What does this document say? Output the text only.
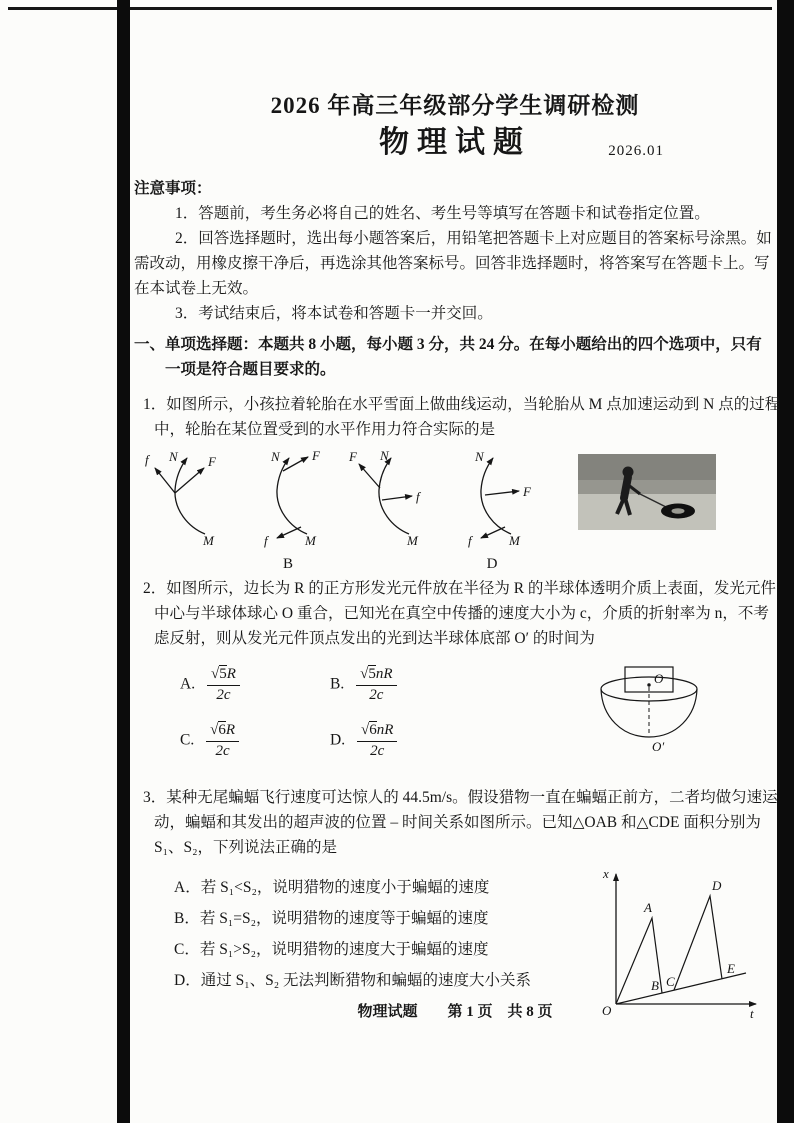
2026 年高三年级部分学生调研检测
物理试题	2026.01
注意事项：
1．答题前，考生务必将自己的姓名、考生号等填写在答题卡和试卷指定位置。
2．回答选择题时，选出每小题答案后，用铅笔把答题卡上对应题目的答案标号涂黑。如
需改动，用橡皮擦干净后，再选涂其他答案标号。回答非选择题时，将答案写在答题卡上。写
在本试卷上无效。
3．考试结束后，将本试卷和答题卡一并交回。
一、单项选择题：本题共 8 小题，每小题 3 分，共 24 分。在每小题给出的四个选项中，只有
一项是符合题目要求的。
1．如图所示，小孩拉着轮胎在水平雪面上做曲线运动，当轮胎从 M 点加速运动到 N 点的过程
中，轮胎在某位置受到的水平作用力符合实际的是
f N F
M
N F
f	M
B
F N
f
M
N
F
f	M
D
2．如图所示，边长为 R 的正方形发光元件放在半径为 R 的半球体透明介质上表面，发光元件
中心与半球体球心 O 重合，已知光在真空中传播的速度大小为 c，介质的折射率为 n，不考
虑反射，则从发光元件顶点发出的光到达半球体底部 O′ 的时间为
A. $\frac{√5R}{2c}$	B. $\frac{√5nR}{2c}$
C. $\frac{√6R}{2c}$	D. $\frac{√6nR}{2c}$
O
O′
3．某种无尾蝙蝠飞行速度可达惊人的 44.5m/s。假设猎物一直在蝙蝠正前方，二者均做匀速运
动，蝙蝠和其发出的超声波的位置 – 时间关系如图所示。已知△OAB 和△CDE 面积分别为
S₁、S₂，下列说法正确的是
A．若 S₁<S₂，说明猎物的速度小于蝙蝠的速度
B．若 S₁=S₂，说明猎物的速度等于蝙蝠的速度
C．若 S₁>S₂，说明猎物的速度大于蝙蝠的速度
D．通过 S₁、S₂ 无法判断猎物和蝙蝠的速度大小关系
x
t
O
A
B C
D
E
物理试题　　第 1 页　共 8 页
